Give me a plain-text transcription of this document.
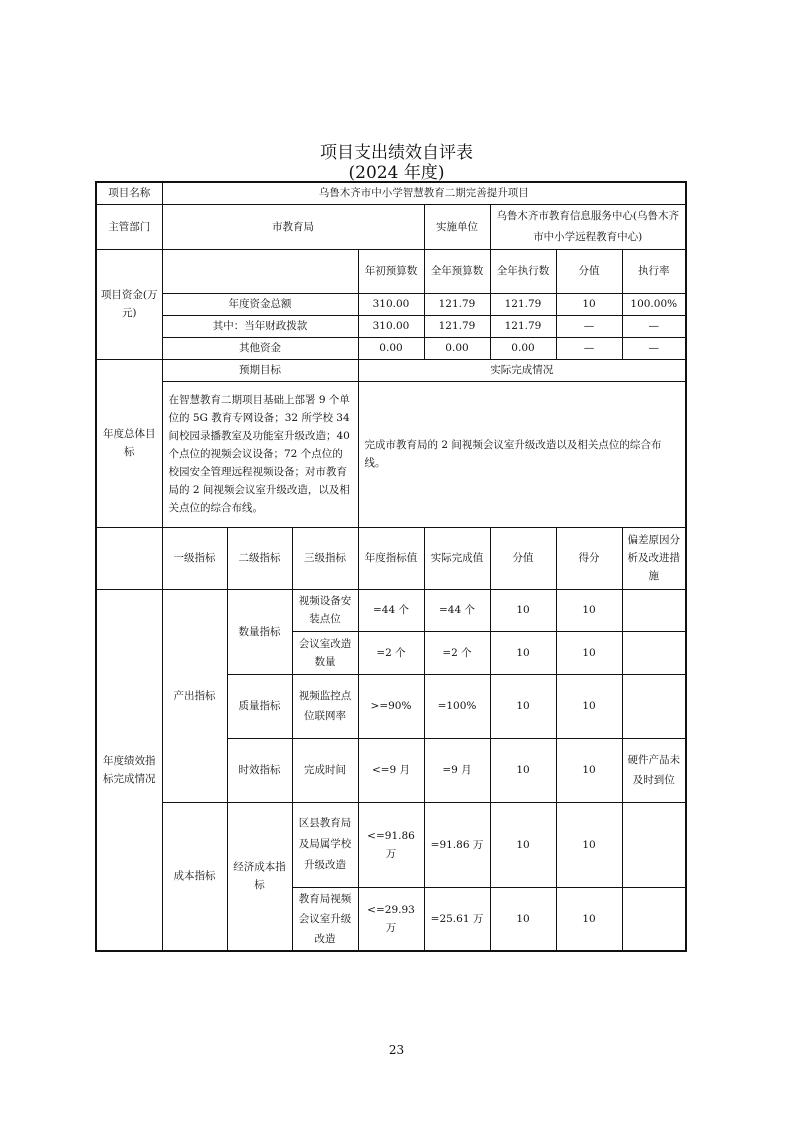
项目支出绩效自评表
(2024 年度)
项目名称	乌鲁木齐市中小学智慧教育二期完善提升项目							
主管部门	市教育局				实施单位	乌鲁木齐市教育信息服务中心(乌鲁木齐市中小学远程教育中心)		
项目资金(万元)				年初预算数	全年预算数	全年执行数	分值	执行率
	年度资金总额			310.00	121.79	121.79	10	100.00%
	其中：当年财政拨款			310.00	121.79	121.79	—	—
	其他资金			0.00	0.00	0.00	—	—
年度总体目标	预期目标			实际完成情况				
	在智慧教育二期项目基础上部署 9 个单位的 5G 教育专网设备；32 所学校 34 间校园录播教室及功能室升级改造；40 个点位的视频会议设备；72 个点位的校园安全管理远程视频设备；对市教育局的 2 间视频会议室升级改造，以及相关点位的综合布线。			完成市教育局的 2 间视频会议室升级改造以及相关点位的综合布线。				
	一级指标	二级指标	三级指标	年度指标值	实际完成值	分值	得分	偏差原因分析及改进措施
年度绩效指标完成情况	产出指标	数量指标	视频设备安装点位	=44 个	=44 个	10	10	
			会议室改造数量	=2 个	=2 个	10	10	
		质量指标	视频监控点位联网率	>=90%	=100%	10	10	
		时效指标	完成时间	<=9 月	=9 月	10	10	硬件产品未及时到位
	成本指标	经济成本指标	区县教育局及局属学校升级改造	<=91.86 万	=91.86 万	10	10	
			教育局视频会议室升级改造	<=29.93 万	=25.61 万	10	10	
23
